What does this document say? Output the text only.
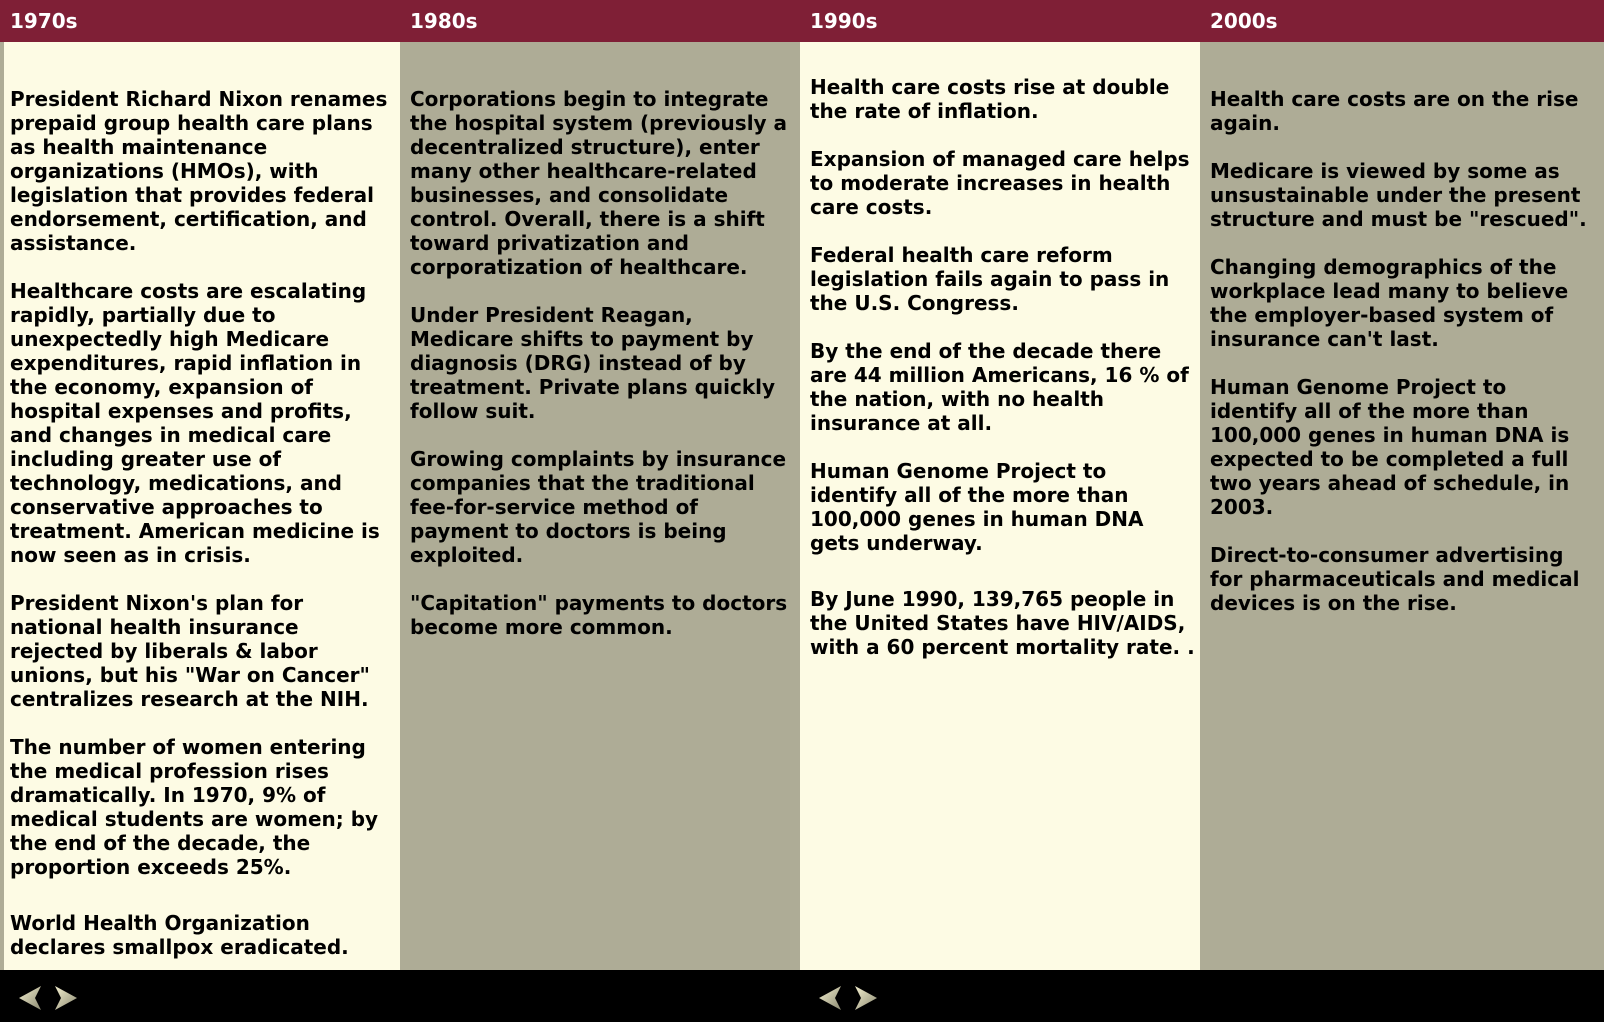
1970s

President Richard Nixon renames prepaid group health care plans as health maintenance organizations (HMOs), with legislation that provides federal endorsement, certification, and assistance.

Healthcare costs are escalating rapidly, partially due to unexpectedly high Medicare expenditures, rapid inflation in the economy, expansion of hospital expenses and profits, and changes in medical care including greater use of technology, medications, and conservative approaches to treatment. American medicine is now seen as in crisis.

President Nixon's plan for national health insurance rejected by liberals & labor unions, but his "War on Cancer" centralizes research at the NIH.

The number of women entering the medical profession rises dramatically. In 1970, 9% of medical students are women; by the end of the decade, the proportion exceeds 25%.

World Health Organization declares smallpox eradicated.

1980s

Corporations begin to integrate the hospital system (previously a decentralized structure), enter many other healthcare-related businesses, and consolidate control. Overall, there is a shift toward privatization and corporatization of healthcare.

Under President Reagan, Medicare shifts to payment by diagnosis (DRG) instead of by treatment. Private plans quickly follow suit.

Growing complaints by insurance companies that the traditional fee-for-service method of payment to doctors is being exploited.

"Capitation" payments to doctors become more common.

1990s

Health care costs rise at double the rate of inflation.

Expansion of managed care helps to moderate increases in health care costs.

Federal health care reform legislation fails again to pass in the U.S. Congress.

By the end of the decade there are 44 million Americans, 16 % of the nation, with no health insurance at all.

Human Genome Project to identify all of the more than 100,000 genes in human DNA gets underway.

By June 1990, 139,765 people in the United States have HIV/AIDS, with a 60 percent mortality rate. .

2000s

Health care costs are on the rise again.

Medicare is viewed by some as unsustainable under the present structure and must be "rescued".

Changing demographics of the workplace lead many to believe the employer-based system of insurance can't last.

Human Genome Project to identify all of the more than 100,000 genes in human DNA is expected to be completed a full two years ahead of schedule, in 2003.

Direct-to-consumer advertising for pharmaceuticals and medical devices is on the rise.
